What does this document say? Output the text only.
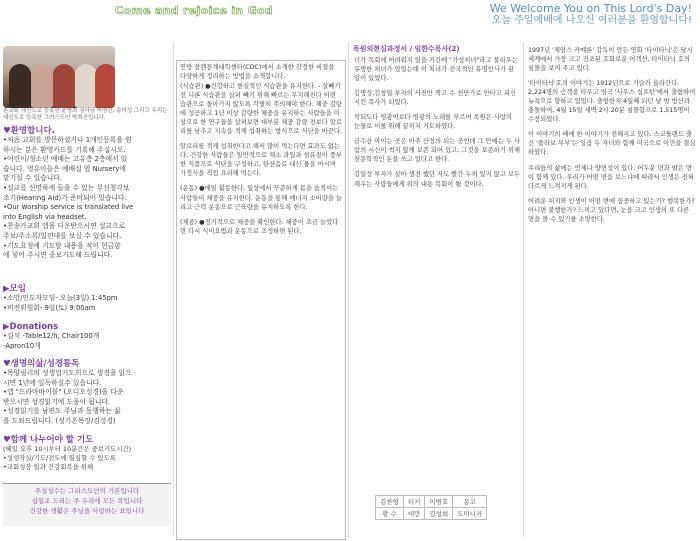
Come and rejoice in God	We Welcome You on This Lord's Day!
오늘 주일예배에 나오신 여러분을 환영합니다!
본교회 새신도로 등록한 윤병희 권사님 박영란, 송미성 그리고 우리는 새신도로 등록한 그러스도인 박희진입니다.
♥환영합니다.
•처음 교회를 방문하셨거나 1개인등록을 원
하시는 분은 환영카드를 기록해 주십시오.
•어린이/청소년 예배는 고유층 2층에서 있
습니다. 영유아들은 예배실 옆 Nursery에
맡기실 수 있습니다.
•실교를 선명하게 들을 수 있는 무선청각보
조기(Hearing Aid)가 준비되어 있습니다.
•Our worship service is translated live
into English via headset.
•찬송가교회 앱을 다운받으시면 설교으로
주보/주소록/일련대를 보실 수 있습니다.
•기도요청에 기도할 내용을 적어 헌금함
에 넣어 주시면 중보기도해 드립니다.
▶모임
•소망/인도자모임- 오늘(3일) 1:45pm
•비전위원회- 9일(토) 9:00am
▶Donations
•김석 -Table12/h, Chair100개
-Apron10개
♥생명의삶/성경통독
•목양필리의 성생업기도희으로 생경을 읽으
시면 1년에 일독하실수 있습니다.
•앱 "드라마바이블" (오디오성경)을 다운
받으시면 성경읽기에 도움이 됩니다.
•성경읽기를 남편도 주님과 동행하는 삶
을 도와드립니다. (성기온목장/김성경)
♥함께 나누어야 할 기도
(혜일 오후 10시부터 10분간은 중보기도시간)
•성생작실/기도/전도에 열심할 수 있도록
•교회성장 일과 건강회복을 위해
주성성수는 그리스도인의 기본입니다
십일조 드리는 주 우리에 모든 복입니다
건강한 생활은 주님을 사랑하는 표입니다
연방 잘렌통계대학센터(CDC)에서 소개한 감정한 비결을 다양하게 정리하는 방법을 소개합니다.
(식습관) ●건강하고 현실적인 식습관을 유지한다. - 살빼기 전 니론 식습관을 살펴 빼기 위해 빠르는 무지해진다 이번 습관으로 돌아가지 않도록 각별히 주의해야 한다. 체중 감량에 성공하고 1년 이상 감량한 체중을 유지하는 사람들을 이상으로 한 연구들을 살펴보면 대부분 체중 감량 전보다 알로리를 낮추고 지속을 적게 섭취하는 방식으로 식단을 바꾼다.
알로리를 적게 섭취한다고 해서 많이 먹는다면 효과도 없는다. 건강한 사람들은 일반적으로 채소 과일과 섬유질이 풍부한 식품으로 식단을 구성하고, 탄산음료 대신 물을 마시며 가정식을 직접 요리해 먹는다.
(운동) ●매일 활동한다. 일상에서 꾸준하게 몸을 움직이는 사람들이 체중을 유지한다. 운동을 통해 에너지 소비량을 늘리고 근력 운동으로 근육량을 유지하도록 한다.
(체중) ●정기적으로 체중을 확인한다. 체중이 조금 늘었다면 다시 식이요법과 운동으로 조정하면 된다.
목원의현심과정서 / 임한수목사(2)
너가 목회에 어려워지 있을 기간에 "가성처녀"라고 불리우는 유명한 처녀가 있었는데 이 처녀가 전국적인 유명인사가 된 일이 있었다.
김명성,김창일 부자의 사진만 찍고 수 천만가로 안타고 피신시킨 목사가 되었다.
북되도다 영광이로다 영광의 노래를 부르며 목원은 사랑의 눈물로 이를 위해 끝까지 기도하였다.
금수산 아이는 곳은 아주 산정의 되는 곳인데 그 안에는 두 사람의 시신이 썩지 않게 보존 되어 있고, 그것을 보존하기 위해 천문학적인 돈을 쓰고 있다고 한다.
김일성 부자가 살아 생전 했던 자도 빨간 두꺼 있지 않고 모두 재우는 사람들에게 위의 내용 목회이 될 것이다.
김찬영	터키	이범호	몽고
황 수	대만	김성희	도미니카
1997년 '제임스 카메론' 감독이 만든 영화 '타이타닉'은 당시 세계에서 가장 크고 건조된 호화로운 여객선, 타이타닉 호의 침몰을 보여 주고 있다.
'타이타닉'호의 이야기는 1912년으로 거슬러 올라간다. 2,224명의 승객을 타우고 영국 '사우스 실프턴'에서 출항하여 뉴욕으로 향하고 있었다. 출항한지 4일째 되던 날 밤 빙산과 충돌하여, 4월 15일 새벽 2시 20분 침몰함으로 1,515명이 수장되었다.
이 이야기의 배에 한 이야기가 전해지고 있다. 스코틀랜드 출신 '플라보 부부'는 일곱 두 자녀와 함께 미국으로 이민을 결심하였다.
우리들의 삶에는 언제나 양면성이 있다. 어두운 면과 밝은 면이 함께 있다. 우리가 어떤 면을 보느냐에 따라서 인생은 전혀 다르게 느껴지게 된다.
어려운 처지와 인생이 어떤 면에 집중하고 있는가? 행복한가? 아니면 불행한가? 느끼고 있다면, 눈을 크고 인생의 또 다른 면을 볼 수 있기를 소망한다.
